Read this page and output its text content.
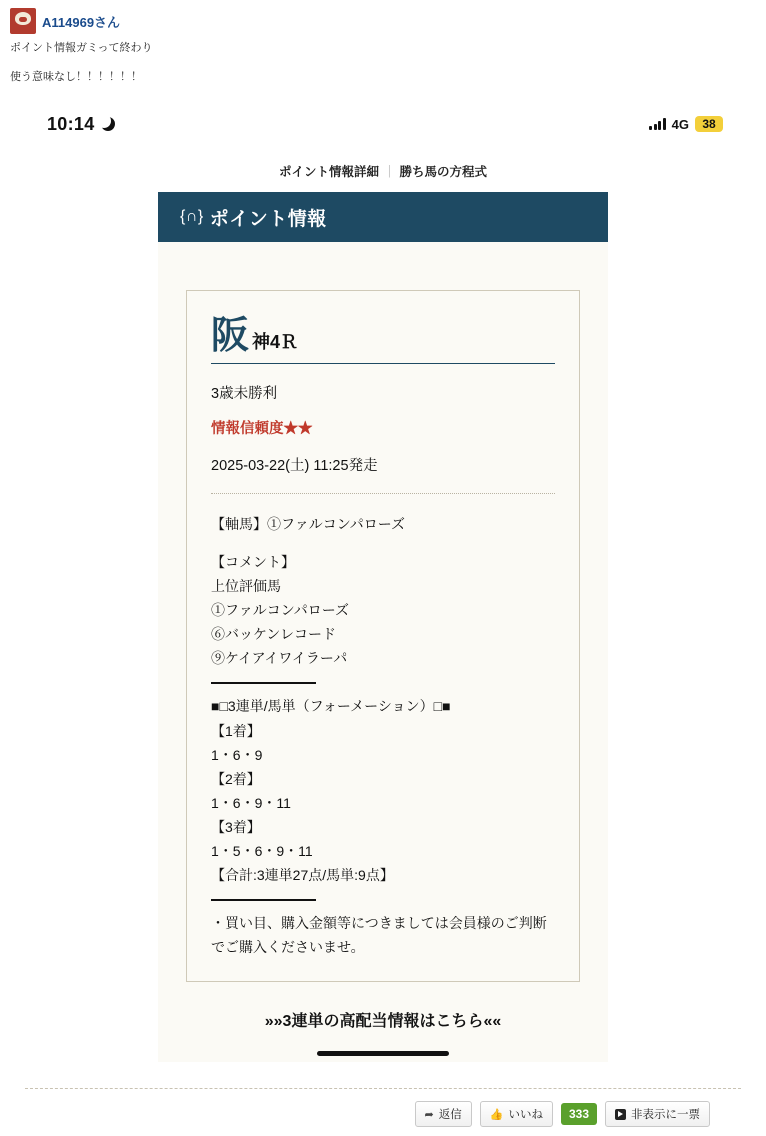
A114969さん
ポイント情報ガミって終わり
使う意味なし！！！！！！
10:14	4G	38
ポイント情報詳細 ｜ 勝ち馬の方程式
{∩} ポイント情報
阪 神4Ｒ
3歳未勝利
情報信頼度★★
2025-03-22(土) 11:25発走
【軸馬】①ファルコンパローズ
【コメント】
上位評価馬
①ファルコンパローズ
⑥バッケンレコード
⑨ケイアイワイラーパ
■□3連単/馬単（フォーメーション）□■
【1着】
1・6・9
【2着】
1・6・9・11
【3着】
1・5・6・9・11
【合計:3連単27点/馬単:9点】
・買い目、購入金額等につきましては会員様のご判断でご購入くださいませ。
»»3連単の高配当情報はこちら««
➦ 返信	👍 いいね	333	非表示に一票
